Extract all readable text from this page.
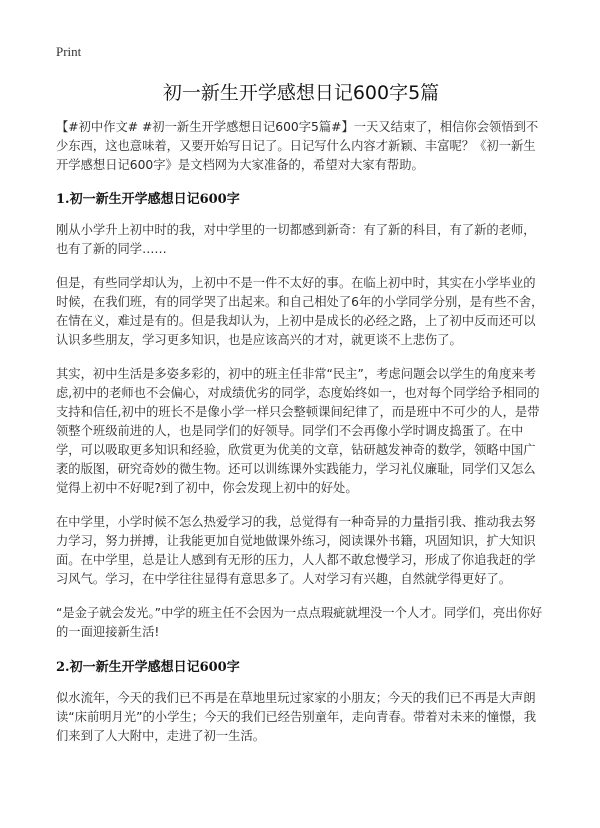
Print
初一新生开学感想日记600字5篇

【#初中作文# #初一新生开学感想日记600字5篇#】一天又结束了，相信你会领悟到不少东西，这也意味着，又要开始写日记了。日记写什么内容才新颖、丰富呢？《初一新生开学感想日记600字》是文档网为大家准备的，希望对大家有帮助。

1.初一新生开学感想日记600字

刚从小学升上初中时的我，对中学里的一切都感到新奇：有了新的科目，有了新的老师，也有了新的同学……

但是，有些同学却认为，上初中不是一件不太好的事。在临上初中时，其实在小学毕业的时候，在我们班，有的同学哭了出起来。和自己相处了6年的小学同学分别，是有些不舍，在情在义，难过是有的。但是我却认为，上初中是成长的必经之路，上了初中反而还可以认识多些朋友，学习更多知识，也是应该高兴的才对，就更谈不上悲伤了。

其实，初中生活是多姿多彩的，初中的班主任非常“民主”，考虑问题会以学生的角度来考虑,初中的老师也不会偏心，对成绩优劣的同学，态度始终如一，也对每个同学给予相同的支持和信任,初中的班长不是像小学一样只会整顿课间纪律了，而是班中不可少的人，是带领整个班级前进的人，也是同学们的好领导。同学们不会再像小学时调皮捣蛋了。在中学，可以吸取更多知识和经验，欣赏更为优美的文章，钻研越发神奇的数学，领略中国广袤的版图，研究奇妙的微生物。还可以训练课外实践能力，学习礼仪廉耻，同学们又怎么觉得上初中不好呢?到了初中，你会发现上初中的好处。

在中学里，小学时候不怎么热爱学习的我，总觉得有一种奇异的力量指引我、推动我去努力学习，努力拼搏，让我能更加自觉地做课外练习，阅读课外书籍，巩固知识，扩大知识面。在中学里，总是让人感到有无形的压力，人人都不敢怠慢学习，形成了你追我赶的学习风气。学习，在中学往往显得有意思多了。人对学习有兴趣，自然就学得更好了。

“是金子就会发光。”中学的班主任不会因为一点点瑕疵就埋没一个人才。同学们，亮出你好的一面迎接新生活!

2.初一新生开学感想日记600字

似水流年，今天的我们已不再是在草地里玩过家家的小朋友；今天的我们已不再是大声朗读“床前明月光”的小学生；今天的我们已经告别童年，走向青春。带着对未来的憧憬，我们来到了人大附中，走进了初一生活。
